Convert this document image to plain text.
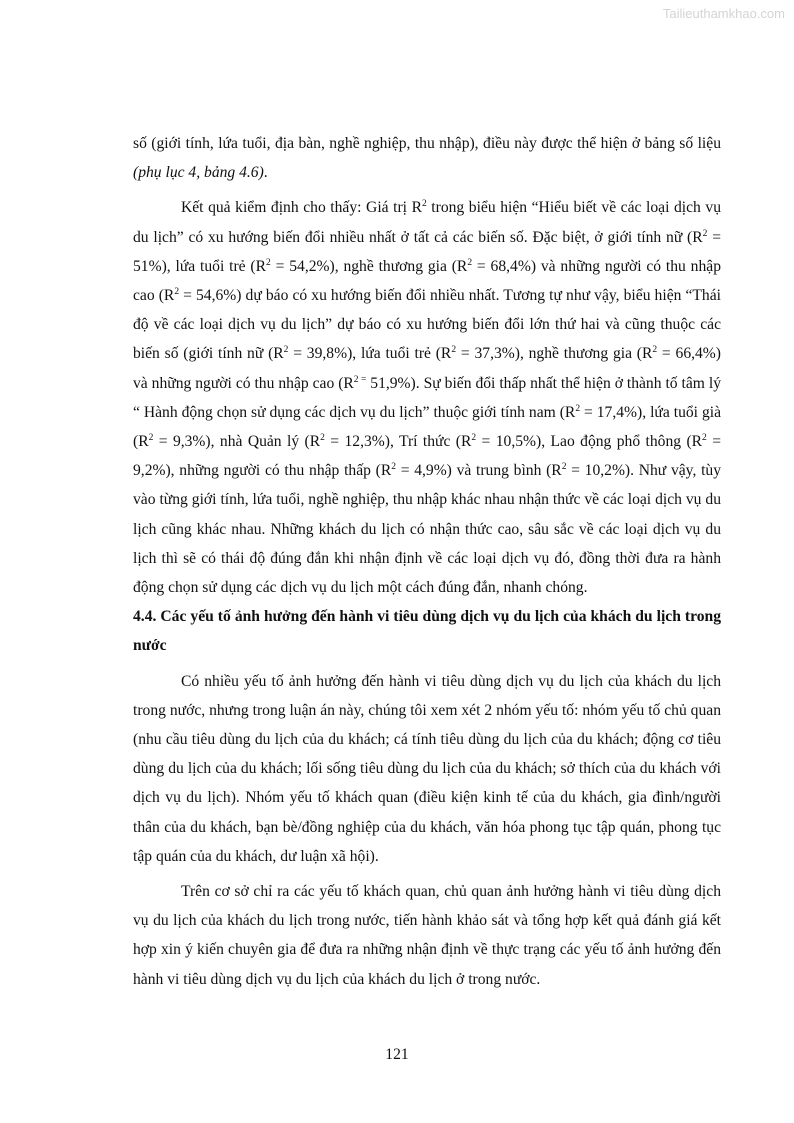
Tailieuthamkhao.com

số (giới tính, lứa tuổi, địa bàn, nghề nghiệp, thu nhập), điều này được thể hiện ở bảng số liệu (phụ lục 4, bảng 4.6).

Kết quả kiểm định cho thấy: Giá trị $R^2$ trong biểu hiện “Hiểu biết về các loại dịch vụ du lịch” có xu hướng biến đổi nhiều nhất ở tất cả các biến số. Đặc biệt, ở giới tính nữ $(R^2 = 51\%)$, lứa tuổi trẻ $(R^2 = 54,2\%)$, nghề thương gia $(R^2 = 68,4\%)$ và những người có thu nhập cao $(R^2 = 54,6\%)$ dự báo có xu hướng biến đổi nhiều nhất. Tương tự như vậy, biểu hiện “Thái độ về các loại dịch vụ du lịch” dự báo có xu hướng biến đổi lớn thứ hai và cũng thuộc các biến số (giới tính nữ $(R^2 = 39,8\%)$, lứa tuổi trẻ $(R^2 = 37,3\%)$, nghề thương gia $(R^2 = 66,4\%)$ và những người có thu nhập cao ($R^{2 =}$ 51,9%). Sự biến đổi thấp nhất thể hiện ở thành tố tâm lý “ Hành động chọn sử dụng các dịch vụ du lịch” thuộc giới tính nam $(R^2 = 17,4\%)$, lứa tuổi già $(R^2 = 9,3\%)$, nhà Quản lý $(R^2 = 12,3\%)$, Trí thức $(R^2 = 10,5\%)$, Lao động phổ thông $(R^2 = 9,2\%)$, những người có thu nhập thấp $(R^2 = 4,9\%)$ và trung bình $(R^2 = 10,2\%)$. Như vậy, tùy vào từng giới tính, lứa tuổi, nghề nghiệp, thu nhập khác nhau nhận thức về các loại dịch vụ du lịch cũng khác nhau. Những khách du lịch có nhận thức cao, sâu sắc về các loại dịch vụ du lịch thì sẽ có thái độ đúng đắn khi nhận định về các loại dịch vụ đó, đồng thời đưa ra hành động chọn sử dụng các dịch vụ du lịch một cách đúng đắn, nhanh chóng.

4.4. Các yếu tố ảnh hưởng đến hành vi tiêu dùng dịch vụ du lịch của khách du lịch trong nước

Có nhiều yếu tố ảnh hưởng đến hành vi tiêu dùng dịch vụ du lịch của khách du lịch trong nước, nhưng trong luận án này, chúng tôi xem xét 2 nhóm yếu tố: nhóm yếu tố chủ quan (nhu cầu tiêu dùng du lịch của du khách; cá tính tiêu dùng du lịch của du khách; động cơ tiêu dùng du lịch của du khách; lối sống tiêu dùng du lịch của du khách; sở thích của du khách với dịch vụ du lịch). Nhóm yếu tố khách quan (điều kiện kinh tế của du khách, gia đình/người thân của du khách, bạn bè/đồng nghiệp của du khách, văn hóa phong tục tập quán, phong tục tập quán của du khách, dư luận xã hội).

Trên cơ sở chỉ ra các yếu tố khách quan, chủ quan ảnh hưởng hành vi tiêu dùng dịch vụ du lịch của khách du lịch trong nước, tiến hành khảo sát và tổng hợp kết quả đánh giá kết hợp xin ý kiến chuyên gia để đưa ra những nhận định về thực trạng các yếu tố ảnh hưởng đến hành vi tiêu dùng dịch vụ du lịch của khách du lịch ở trong nước.

121
